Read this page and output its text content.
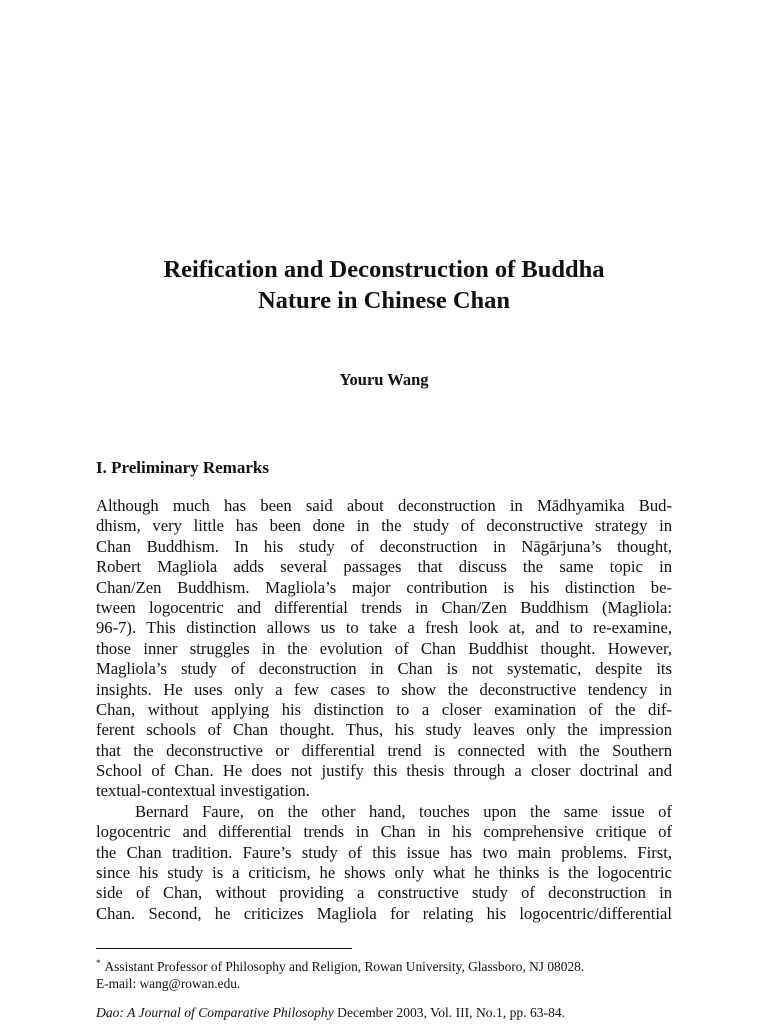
Reification and Deconstruction of Buddha
Nature in Chinese Chan

Youru Wang

I. Preliminary Remarks
Although much has been said about deconstruction in Mādhyamika Bud-
dhism, very little has been done in the study of deconstructive strategy in
Chan Buddhism. In his study of deconstruction in Nāgārjuna’s thought,
Robert Magliola adds several passages that discuss the same topic in
Chan/Zen Buddhism. Magliola’s major contribution is his distinction be-
tween logocentric and differential trends in Chan/Zen Buddhism (Magliola:
96-7). This distinction allows us to take a fresh look at, and to re-examine,
those inner struggles in the evolution of Chan Buddhist thought. However,
Magliola’s study of deconstruction in Chan is not systematic, despite its
insights. He uses only a few cases to show the deconstructive tendency in
Chan, without applying his distinction to a closer examination of the dif-
ferent schools of Chan thought. Thus, his study leaves only the impression
that the deconstructive or differential trend is connected with the Southern
School of Chan. He does not justify this thesis through a closer doctrinal and
textual-contextual investigation.
Bernard Faure, on the other hand, touches upon the same issue of
logocentric and differential trends in Chan in his comprehensive critique of
the Chan tradition. Faure’s study of this issue has two main problems. First,
since his study is a criticism, he shows only what he thinks is the logocentric
side of Chan, without providing a constructive study of deconstruction in
Chan. Second, he criticizes Magliola for relating his logocentric/differential
* Assistant Professor of Philosophy and Religion, Rowan University, Glassboro, NJ 08028.
E-mail: wang@rowan.edu.

Dao: A Journal of Comparative Philosophy December 2003, Vol. III, No.1, pp. 63-84.
